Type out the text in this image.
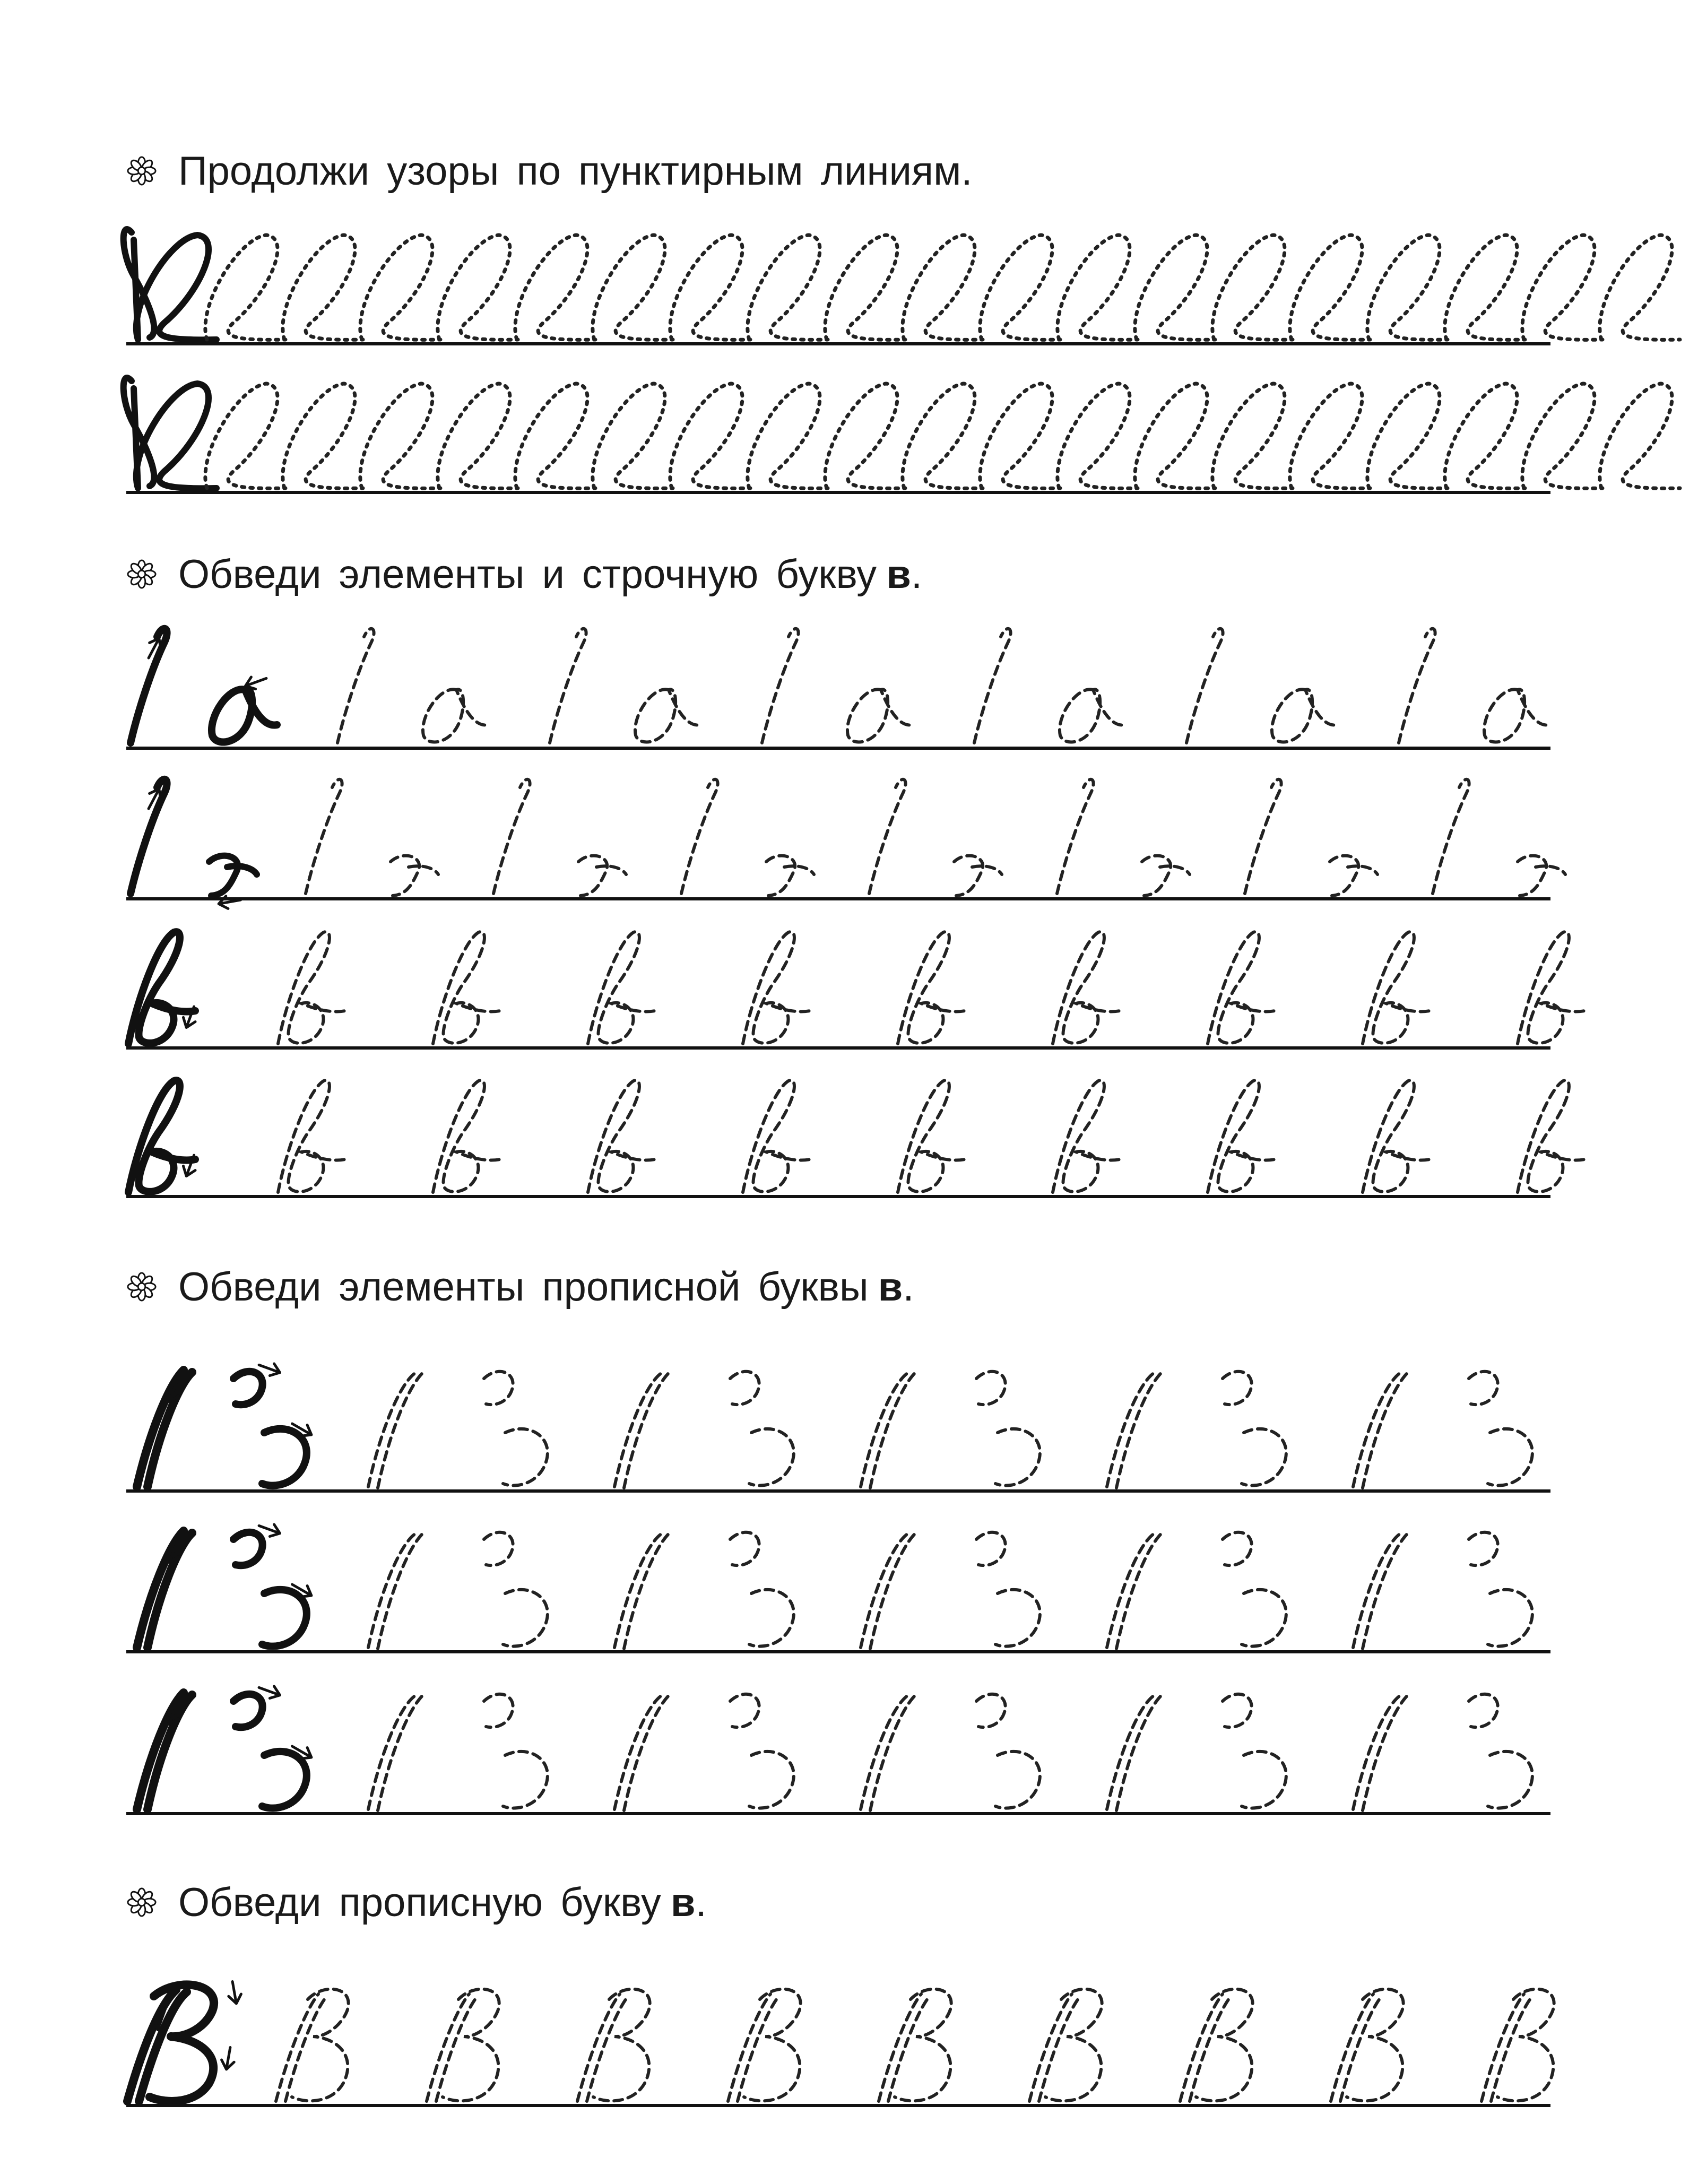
Продолжи узоры по пунктирным линиям.
Обведи элементы и строчную букву в .
Обведи элементы прописной буквы в .
Обведи прописную букву в .
